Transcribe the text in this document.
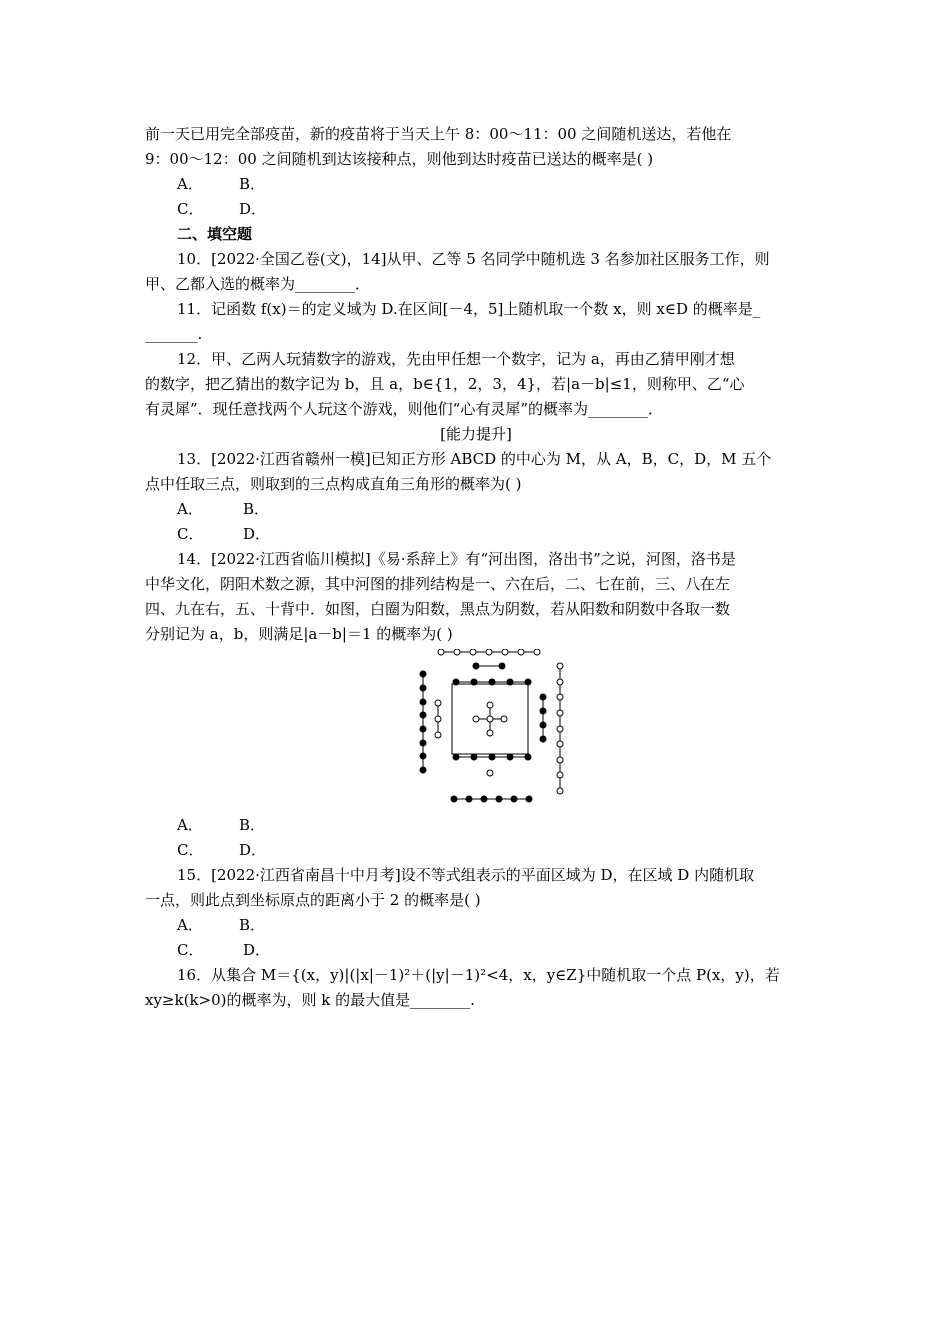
前一天已用完全部疫苗，新的疫苗将于当天上午 8：00～11：00 之间随机送达，若他在
9：00～12：00 之间随机到达该接种点，则他到达时疫苗已送达的概率是( )
A． B．
C． D．
二、填空题
10．[2022·全国乙卷(文)，14]从甲、乙等 5 名同学中随机选 3 名参加社区服务工作，则
甲、乙都入选的概率为________．
11．记函数 f(x)＝的定义域为 D.在区间[－4，5]上随机取一个数 x，则 x∈D 的概率是_
_______.
12．甲、乙两人玩猜数字的游戏，先由甲任想一个数字，记为 a，再由乙猜甲刚才想
的数字，把乙猜出的数字记为 b，且 a，b∈{1，2，3，4}，若|a－b|≤1，则称甲、乙“心
有灵犀”．现任意找两个人玩这个游戏，则他们“心有灵犀”的概率为________．
[能力提升]
13．[2022·江西省赣州一模]已知正方形 ABCD 的中心为 M，从 A，B，C，D，M 五个
点中任取三点，则取到的三点构成直角三角形的概率为( )
A．	B．
C．	D．
14．[2022·江西省临川模拟]《易·系辞上》有“河出图，洛出书”之说，河图，洛书是
中华文化，阴阳术数之源，其中河图的排列结构是一、六在后，二、七在前，三、八在左
四、九在右，五、十背中．如图，白圈为阳数，黑点为阴数，若从阳数和阴数中各取一数
分别记为 a，b，则满足|a－b|＝1 的概率为( )
A． B．
C． D．
15．[2022·江西省南昌十中月考]设不等式组表示的平面区域为 D，在区域 D 内随机取
一点，则此点到坐标原点的距离小于 2 的概率是( )
A． B．
C．	D．
16．从集合 M＝{(x，y)|(|x|－1)²＋(|y|－1)²<4，x，y∈Z}中随机取一个点 P(x，y)，若
xy≥k(k>0)的概率为，则 k 的最大值是________.
